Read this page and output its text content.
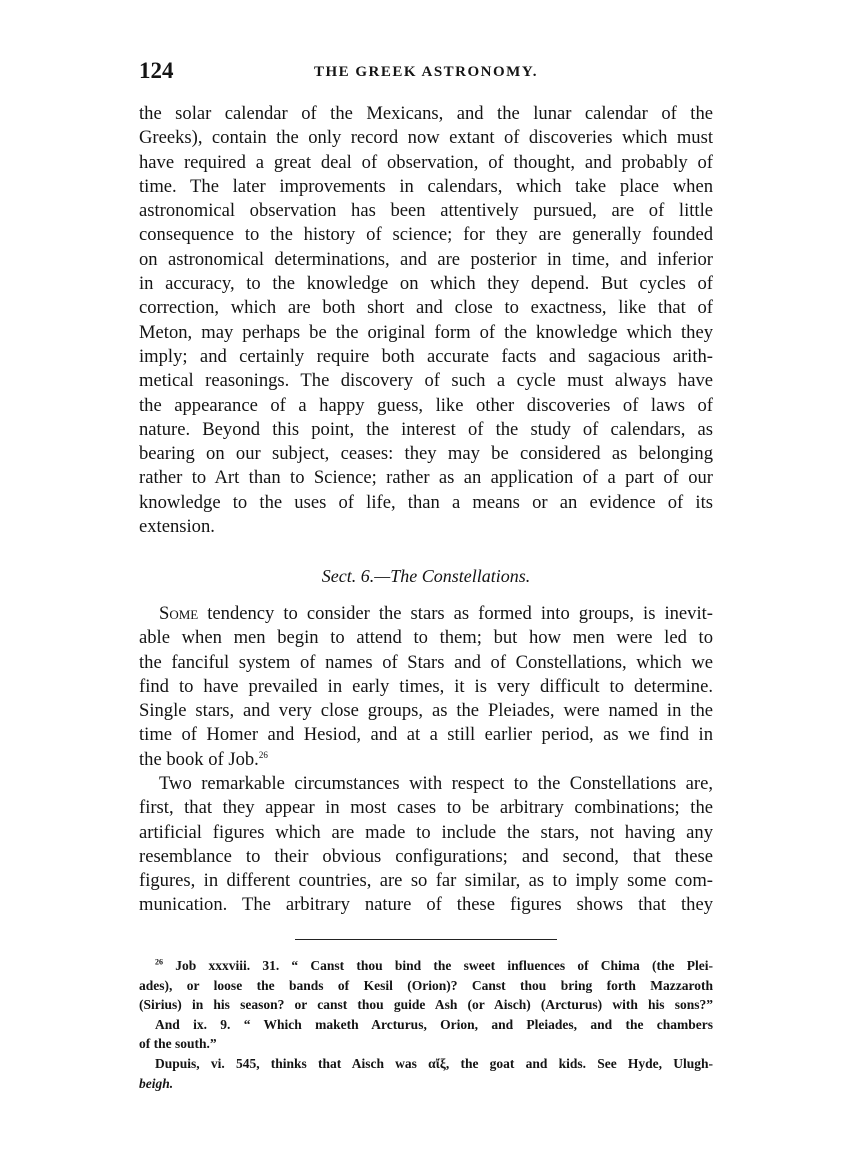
124	THE GREEK ASTRONOMY.
the solar calendar of the Mexicans, and the lunar calendar of the
Greeks), contain the only record now extant of discoveries which must
have required a great deal of observation, of thought, and probably of
time. The later improvements in calendars, which take place when
astronomical observation has been attentively pursued, are of little
consequence to the history of science; for they are generally founded
on astronomical determinations, and are posterior in time, and inferior
in accuracy, to the knowledge on which they depend. But cycles of
correction, which are both short and close to exactness, like that of
Meton, may perhaps be the original form of the knowledge which they
imply; and certainly require both accurate facts and sagacious arith-
metical reasonings. The discovery of such a cycle must always have
the appearance of a happy guess, like other discoveries of laws of
nature. Beyond this point, the interest of the study of calendars, as
bearing on our subject, ceases: they may be considered as belonging
rather to Art than to Science; rather as an application of a part of our
knowledge to the uses of life, than a means or an evidence of its
extension.
Sect. 6.—The Constellations.
Some tendency to consider the stars as formed into groups, is inevit-
able when men begin to attend to them; but how men were led to
the fanciful system of names of Stars and of Constellations, which we
find to have prevailed in early times, it is very difficult to determine.
Single stars, and very close groups, as the Pleiades, were named in the
time of Homer and Hesiod, and at a still earlier period, as we find in
the book of Job.$^{26}$
Two remarkable circumstances with respect to the Constellations are,
first, that they appear in most cases to be arbitrary combinations; the
artificial figures which are made to include the stars, not having any
resemblance to their obvious configurations; and second, that these
figures, in different countries, are so far similar, as to imply some com-
munication. The arbitrary nature of these figures shows that they
$^{26}$ Job xxxviii. 31. “ Canst thou bind the sweet influences of Chima (the Plei-
ades), or loose the bands of Kesil (Orion)? Canst thou bring forth Mazzaroth
(Sirius) in his season? or canst thou guide Ash (or Aisch) (Arcturus) with his sons?”
And ix. 9. “ Which maketh Arcturus, Orion, and Pleiades, and the chambers
of the south.”
Dupuis, vi. 545, thinks that Aisch was αἴξ, the goat and kids. See Hyde, Ulugh-
beigh.
